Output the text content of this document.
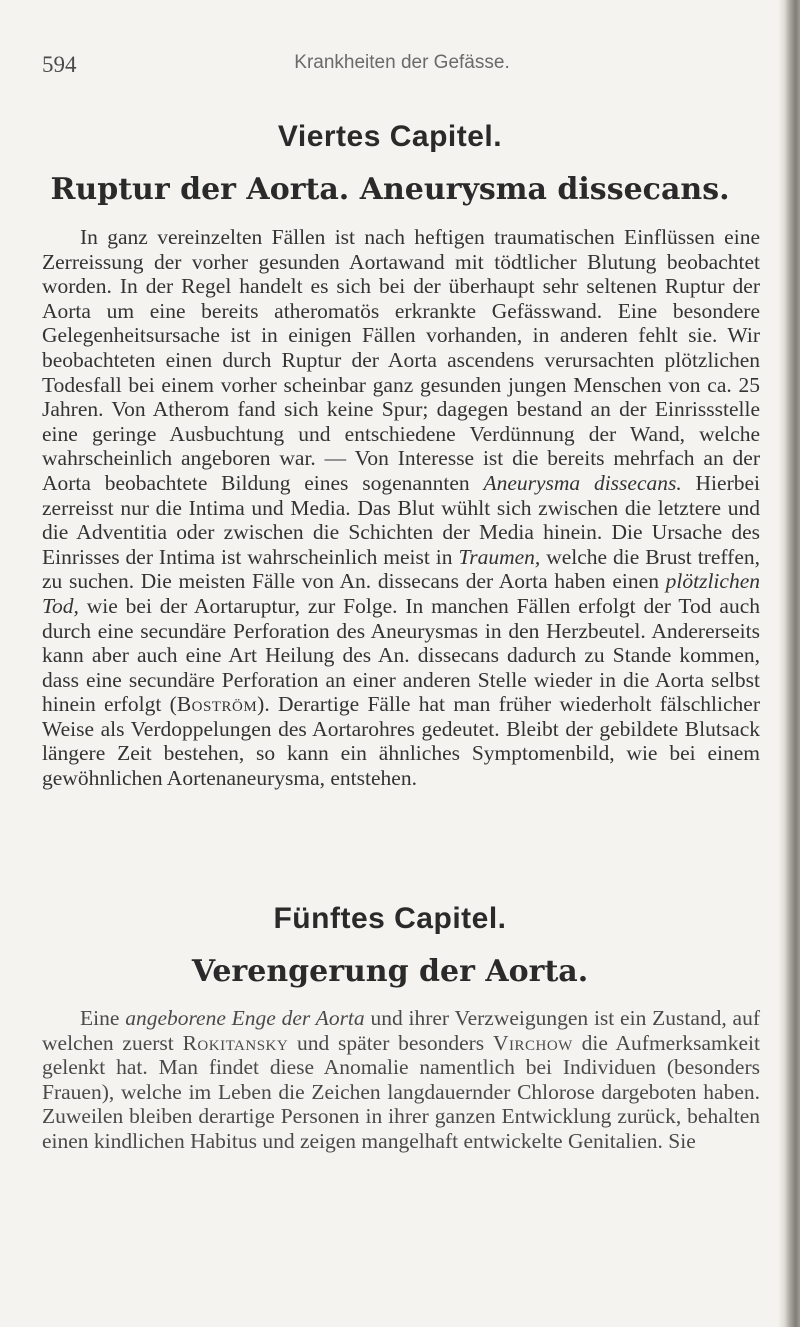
594	Krankheiten der Gefässe.
Viertes Capitel.
Ruptur der Aorta. Aneurysma dissecans.

In ganz vereinzelten Fällen ist nach heftigen traumatischen Einflüssen eine Zerreissung der vorher gesunden Aortawand mit tödtlicher Blutung beobachtet worden. In der Regel handelt es sich bei der überhaupt sehr seltenen Ruptur der Aorta um eine bereits atheromatös erkrankte Gefässwand. Eine besondere Gelegenheitsursache ist in einigen Fällen vorhanden, in anderen fehlt sie. Wir beobachteten einen durch Ruptur der Aorta ascendens verursachten plötzlichen Todesfall bei einem vorher scheinbar ganz gesunden jungen Menschen von ca. 25 Jahren. Von Atherom fand sich keine Spur; dagegen bestand an der Einrissstelle eine geringe Ausbuchtung und entschiedene Verdünnung der Wand, welche wahrscheinlich angeboren war. — Von Interesse ist die bereits mehrfach an der Aorta beobachtete Bildung eines sogenannten Aneurysma dissecans. Hierbei zerreisst nur die Intima und Media. Das Blut wühlt sich zwischen die letztere und die Adventitia oder zwischen die Schichten der Media hinein. Die Ursache des Einrisses der Intima ist wahrscheinlich meist in Traumen, welche die Brust treffen, zu suchen. Die meisten Fälle von An. dissecans der Aorta haben einen plötzlichen Tod, wie bei der Aortaruptur, zur Folge. In manchen Fällen erfolgt der Tod auch durch eine secundäre Perforation des Aneurysmas in den Herzbeutel. Andererseits kann aber auch eine Art Heilung des An. dissecans dadurch zu Stande kommen, dass eine secundäre Perforation an einer anderen Stelle wieder in die Aorta selbst hinein erfolgt (Boström). Derartige Fälle hat man früher wiederholt fälschlicher Weise als Verdoppelungen des Aortarohres gedeutet. Bleibt der gebildete Blutsack längere Zeit bestehen, so kann ein ähnliches Symptomenbild, wie bei einem gewöhnlichen Aortenaneurysma, entstehen.

Fünftes Capitel.
Verengerung der Aorta.

Eine angeborene Enge der Aorta und ihrer Verzweigungen ist ein Zustand, auf welchen zuerst Rokitansky und später besonders Virchow die Aufmerksamkeit gelenkt hat. Man findet diese Anomalie namentlich bei Individuen (besonders Frauen), welche im Leben die Zeichen langdauernder Chlorose dargeboten haben. Zuweilen bleiben derartige Personen in ihrer ganzen Entwicklung zurück, behalten einen kindlichen Habitus und zeigen mangelhaft entwickelte Genitalien. Sie
